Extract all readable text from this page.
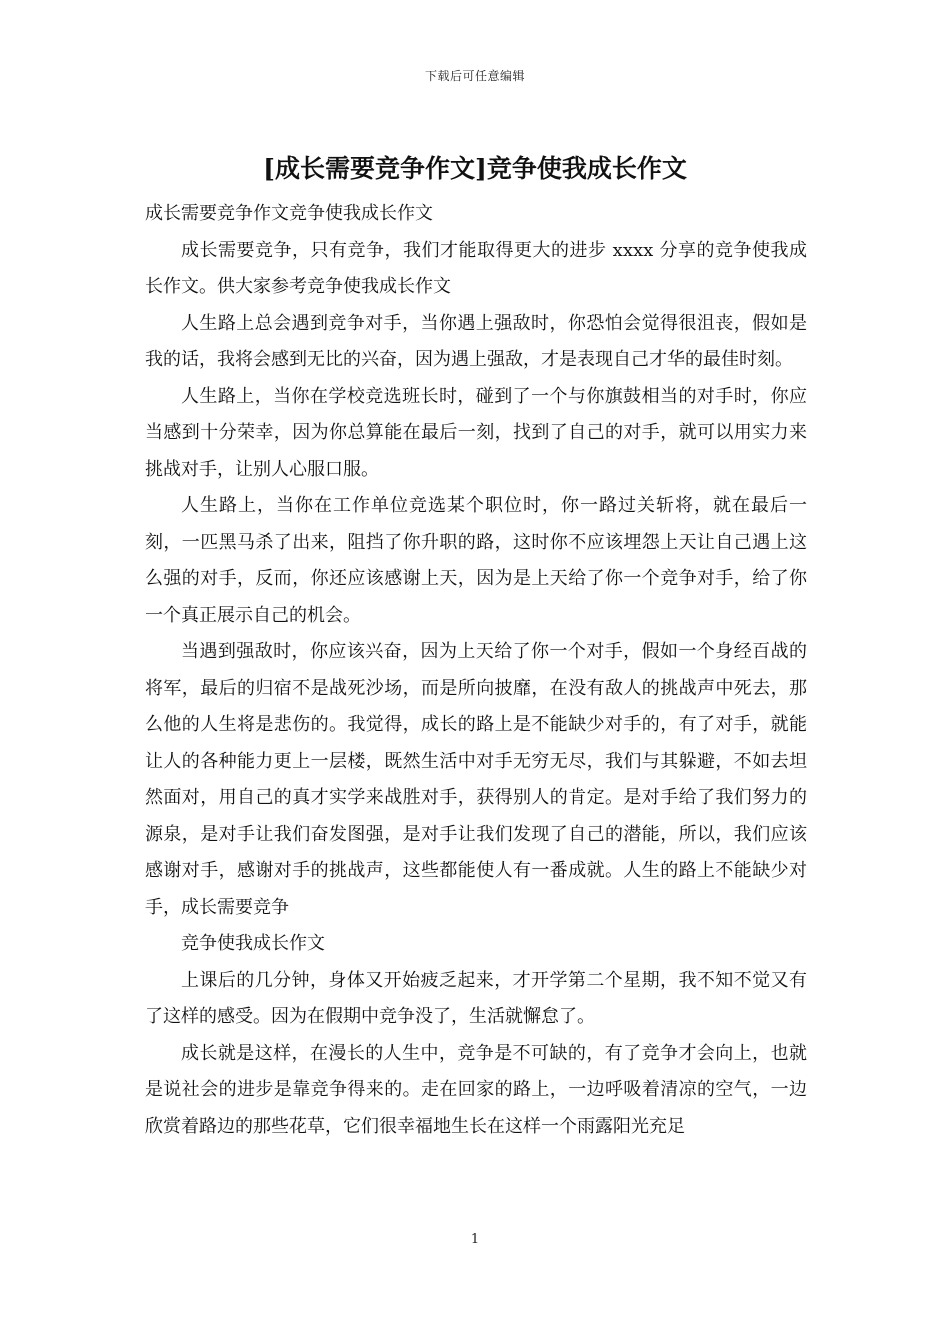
下载后可任意编辑
[成长需要竞争作文]竞争使我成长作文

成长需要竞争作文竞争使我成长作文

成长需要竞争，只有竞争，我们才能取得更大的进步 xxxx 分享的竞争使我成长作文。供大家参考竞争使我成长作文

人生路上总会遇到竞争对手，当你遇上强敌时，你恐怕会觉得很沮丧，假如是我的话，我将会感到无比的兴奋，因为遇上强敌，才是表现自己才华的最佳时刻。

人生路上，当你在学校竞选班长时，碰到了一个与你旗鼓相当的对手时，你应当感到十分荣幸，因为你总算能在最后一刻，找到了自己的对手，就可以用实力来挑战对手，让别人心服口服。

人生路上，当你在工作单位竞选某个职位时，你一路过关斩将，就在最后一刻，一匹黑马杀了出来，阻挡了你升职的路，这时你不应该埋怨上天让自己遇上这么强的对手，反而，你还应该感谢上天，因为是上天给了你一个竞争对手，给了你一个真正展示自己的机会。

当遇到强敌时，你应该兴奋，因为上天给了你一个对手，假如一个身经百战的将军，最后的归宿不是战死沙场，而是所向披靡，在没有敌人的挑战声中死去，那么他的人生将是悲伤的。我觉得，成长的路上是不能缺少对手的，有了对手，就能让人的各种能力更上一层楼，既然生活中对手无穷无尽，我们与其躲避，不如去坦然面对，用自己的真才实学来战胜对手，获得别人的肯定。是对手给了我们努力的源泉，是对手让我们奋发图强，是对手让我们发现了自己的潜能，所以，我们应该感谢对手，感谢对手的挑战声，这些都能使人有一番成就。人生的路上不能缺少对手，成长需要竞争

竞争使我成长作文

上课后的几分钟，身体又开始疲乏起来，才开学第二个星期，我不知不觉又有了这样的感受。因为在假期中竞争没了，生活就懈怠了。

成长就是这样，在漫长的人生中，竞争是不可缺的，有了竞争才会向上，也就是说社会的进步是靠竞争得来的。走在回家的路上，一边呼吸着清凉的空气，一边欣赏着路边的那些花草，它们很幸福地生长在这样一个雨露阳光充足

1
